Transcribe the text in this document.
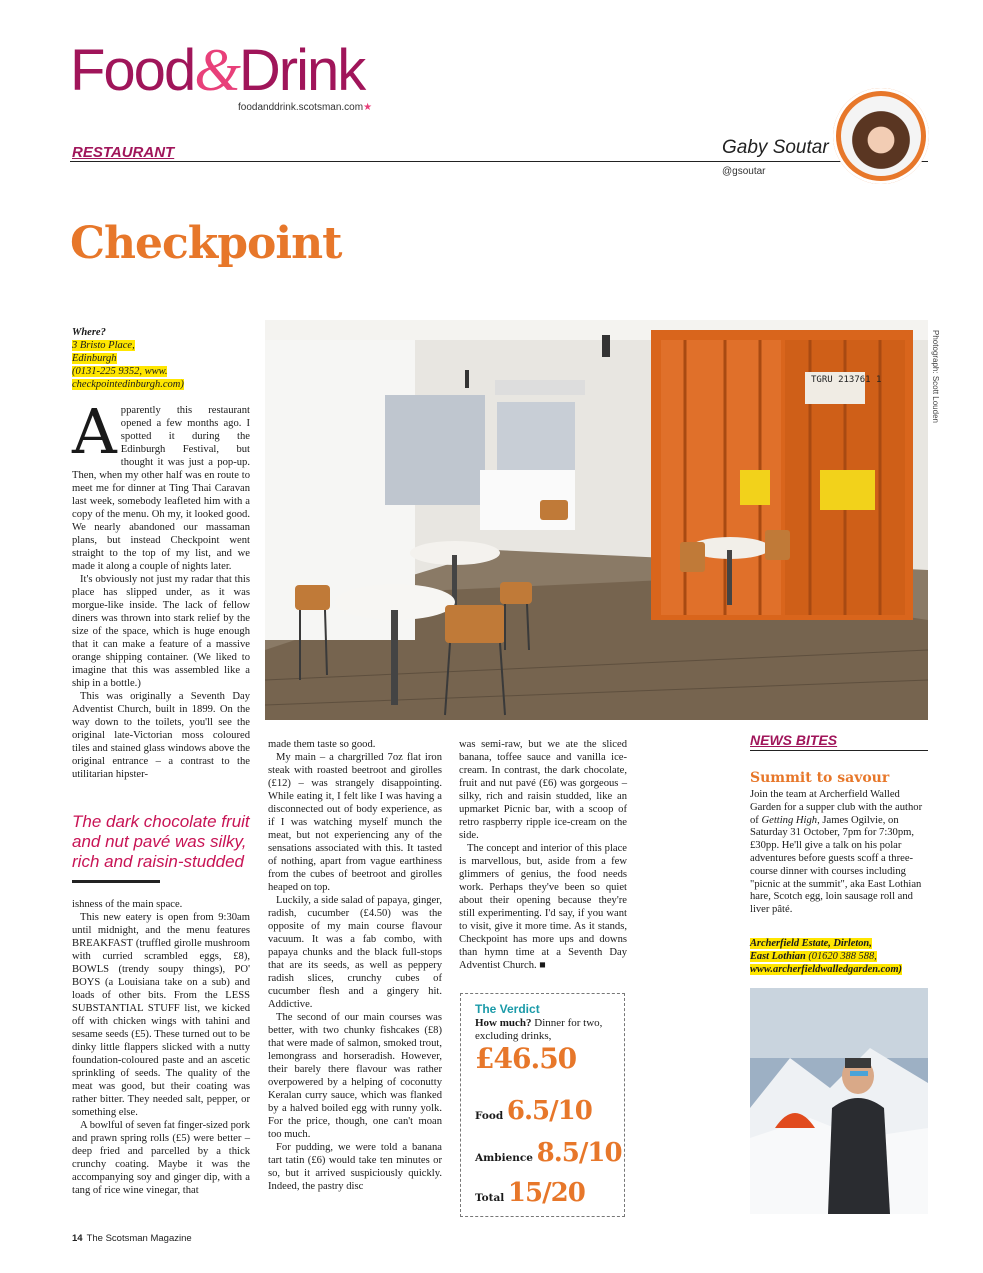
Food&Drink
foodanddrink.scotsman.com★
RESTAURANT	Gaby Soutar
@gsoutar
Checkpoint
Where?
3 Bristo Place,
Edinburgh
(0131-225 9352, www.
checkpointedinburgh.com)

Apparently this restaurant opened a few months ago. I spotted it during the Edinburgh Festival, but thought it was just a pop-up. Then, when my other half was en route to meet me for dinner at Ting Thai Caravan last week, somebody leafleted him with a copy of the menu. Oh my, it looked good. We nearly abandoned our massaman plans, but instead Checkpoint went straight to the top of my list, and we made it along a couple of nights later.

It's obviously not just my radar that this place has slipped under, as it was morgue-like inside. The lack of fellow diners was thrown into stark relief by the size of the space, which is huge enough that it can make a feature of a massive orange shipping container. (We liked to imagine that this was assembled like a ship in a bottle.)

This was originally a Seventh Day Adventist Church, built in 1899. On the way down to the toilets, you'll see the original late-Victorian moss coloured tiles and stained glass windows above the original entrance – a contrast to the utilitarian hipster-

The dark chocolate fruit and nut pavé was silky, rich and raisin-studded

ishness of the main space.

This new eatery is open from 9:30am until midnight, and the menu features BREAKFAST (truffled girolle mushroom with curried scrambled eggs, £8), BOWLS (trendy soupy things), PO' BOYS (a Louisiana take on a sub) and loads of other bits. From the LESS SUBSTANTIAL STUFF list, we kicked off with chicken wings with tahini and sesame seeds (£5). These turned out to be dinky little flappers slicked with a nutty foundation-coloured paste and an ascetic sprinkling of seeds. The quality of the meat was good, but their coating was rather bitter. They needed salt, pepper, or something else.

A bowlful of seven fat finger-sized pork and prawn spring rolls (£5) were better – deep fried and parcelled by a thick crunchy coating. Maybe it was the accompanying soy and ginger dip, with a tang of rice wine vinegar, that

TGRU 213761 1	Photograph: Scott Louden

made them taste so good.

My main – a chargrilled 7oz flat iron steak with roasted beetroot and girolles (£12) – was strangely disappointing. While eating it, I felt like I was having a disconnected out of body experience, as if I was watching myself munch the meat, but not experiencing any of the sensations associated with this. It tasted of nothing, apart from vague earthiness from the cubes of beetroot and girolles heaped on top.

Luckily, a side salad of papaya, ginger, radish, cucumber (£4.50) was the opposite of my main course flavour vacuum. It was a fab combo, with papaya chunks and the black full-stops that are its seeds, as well as peppery radish slices, crunchy cubes of cucumber flesh and a gingery hit. Addictive.

The second of our main courses was better, with two chunky fishcakes (£8) that were made of salmon, smoked trout, lemongrass and horseradish. However, their barely there flavour was rather overpowered by a helping of coconutty Keralan curry sauce, which was flanked by a halved boiled egg with runny yolk. For the price, though, one can't moan too much.

For pudding, we were told a banana tart tatin (£6) would take ten minutes or so, but it arrived suspiciously quickly. Indeed, the pastry disc

was semi-raw, but we ate the sliced banana, toffee sauce and vanilla ice-cream. In contrast, the dark chocolate, fruit and nut pavé (£6) was gorgeous – silky, rich and raisin studded, like an upmarket Picnic bar, with a scoop of retro raspberry ripple ice-cream on the side.

The concept and interior of this place is marvellous, but, aside from a few glimmers of genius, the food needs work. Perhaps they've been so quiet about their opening because they're still experimenting. I'd say, if you want to visit, give it more time. As it stands, Checkpoint has more ups and downs than hymn time at a Seventh Day Adventist Church. ■

The Verdict
How much? Dinner for two, excluding drinks,
£46.50
Food 6.5/10
Ambience 8.5/10
Total 15/20
NEWS BITES
Summit to savour
Join the team at Archerfield Walled Garden for a supper club with the author of Getting High, James Ogilvie, on Saturday 31 October, 7pm for 7:30pm, £30pp. He'll give a talk on his polar adventures before guests scoff a three-course dinner with courses including "picnic at the summit", aka East Lothian hare, Scotch egg, loin sausage roll and liver pâté.
Archerfield Estate, Dirleton,
East Lothian (01620 388 588,
www.archerfieldwalledgarden.com)
14 The Scotsman Magazine
